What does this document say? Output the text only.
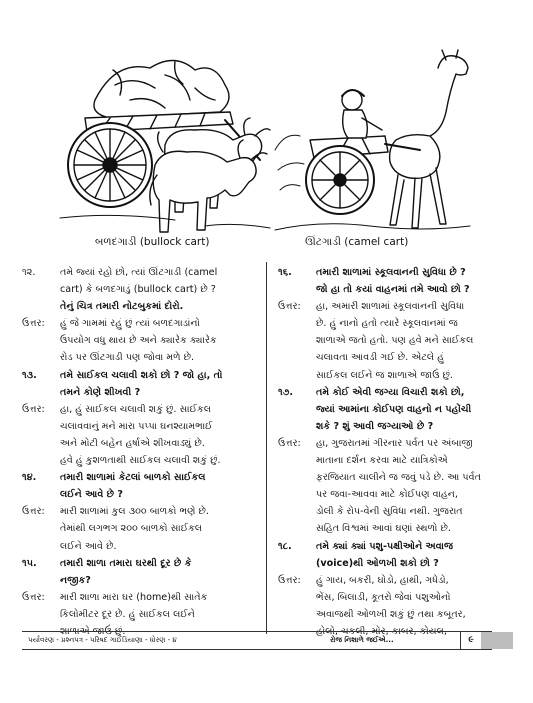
બળદગાડી (bullock cart)	ઊંટગાડી (camel cart)
૧૨.	તમે જ્યાં રહો છો, ત્યાં ઊંટગાડી (camel
cart) કે બળદગાડું (bullock cart) છે ?
તેનું ચિત્ર તમારી નોટબુકમાં દોરો.
ઉત્તર:	હું જે ગામમાં રહું છું ત્યાં બળદગાડાંનો
ઉપયોગ વધુ થાય છે અને ક્યારેક ક્યારેક
રોડ પર ઊંટગાડી પણ જોવા મળે છે.
૧૩.	તમે સાઈકલ ચલાવી શકો છો ? જો હા, તો
તમને કોણે શીખવી ?
ઉત્તર:	હા, હું સાઈકલ ચલાવી શકું છું. સાઈકલ
ચલાવવાનું મને મારા પપ્પા ઘનશ્યામભાઈ
અને મોટી બહેન હર્ષાએ શીખવાડ્યું છે.
હવે હું કુશળતાથી સાઈકલ ચલાવી શકું છું.
૧૪.	તમારી શાળામાં કેટલાં બાળકો સાઈકલ
લઈને આવે છે ?
ઉત્તર:	મારી શાળામાં કુલ ૩૦૦ બાળકો ભણે છે.
તેમાંથી લગભગ ૨૦૦ બાળકો સાઈકલ
લઈને આવે છે.
૧૫.	તમારી શાળા તમારા ઘરથી દૂર છે કે
નજીક?
ઉત્તર:	મારી શાળા મારા ઘર (home)થી સાતેક
કિલોમીટર દૂર છે. હું સાઈકલ લઈને
શાળાએ જાઉં છું.
૧૬.	તમારી શાળામાં સ્કૂલવાનની સુવિધા છે ?
જો હા તો કયાં વાહનમાં તમે આવો છો ?
ઉત્તર:	હા, અમારી શાળામાં સ્કૂલવાનની સુવિધા
છે. હું નાનો હતો ત્યારે સ્કૂલવાનમાં જ
શાળાએ જતો હતો. પણ હવે મને સાઈકલ
ચલાવતા આવડી ગઈ છે. એટલે હું
સાઈકલ લઈને જ શાળાએ જાઉં છું.
૧૭.	તમે કોઈ એવી જગ્યા વિચારી શકો છો,
જ્યાં આમાંના કોઈપણ વાહનો ન પહોંચી
શકે ? શું આવી જગ્યાઓ છે ?
ઉત્તર:	હા, ગુજરાતમાં ગીરનાર પર્વત પર અંબાજી
માતાના દર્શન કરવા માટે યાત્રિકોએ
ફરજિયાત ચાલીને જ જવું પડે છે. આ પર્વત
પર જવા-આવવા માટે કોઈપણ વાહન,
ડોલી કે રોપ-વેની સુવિધા નથી. ગુજરાત
સહિત વિશ્વમાં આવાં ઘણાં સ્થળો છે.
૧૮.	તમે ક્યાં ક્યાં પશુ-પક્ષીઓને અવાજ
(voice)થી ઓળખી શકો છો ?
ઉત્તર:	હું ગાય, બકરી, ઘોડો, હાથી, ગધેડો,
ભેંસ, બિલાડી, કૂતરો જેવાં પશુઓનો
અવાજથી ઓળખી શકું છું તથા કબૂતર,
હોલો, ચકલી, મોર, કાબર, કોયલ,
પર્યાવરણ - પ્રશ્નપત્ર - પરિષદ ગાઈડિયાણા - ધોરણ - ૪	રોજ નિશાળે જઈએ...	૯
